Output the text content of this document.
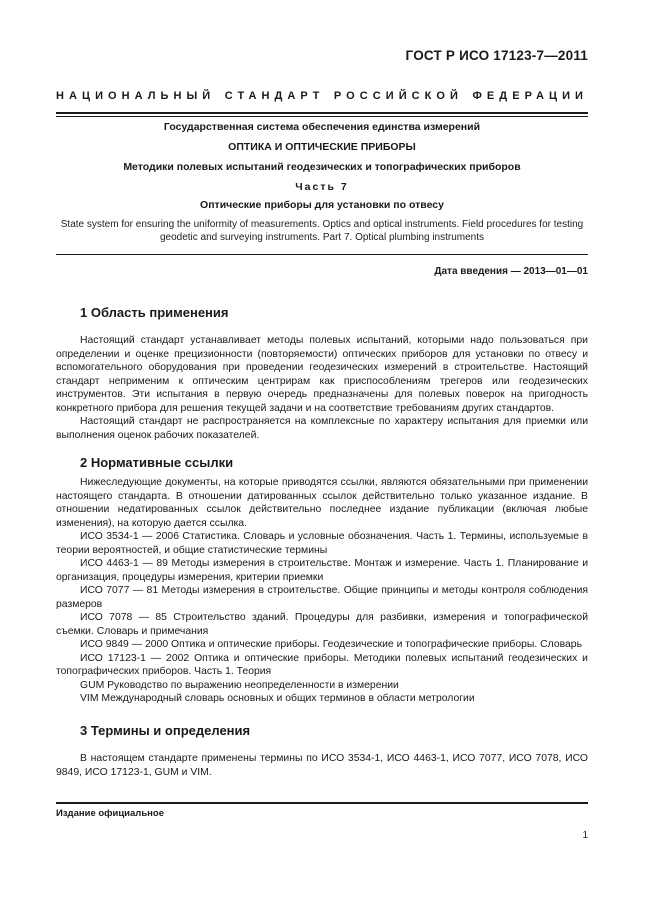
ГОСТ Р ИСО 17123-7—2011
НАЦИОНАЛЬНЫЙ СТАНДАРТ РОССИЙСКОЙ ФЕДЕРАЦИИ
Государственная система обеспечения единства измерений
ОПТИКА И ОПТИЧЕСКИЕ ПРИБОРЫ
Методики полевых испытаний геодезических и топографических приборов
Часть 7
Оптические приборы для установки по отвесу
State system for ensuring the uniformity of measurements. Optics and optical instruments. Field procedures for testing geodetic and surveying instruments. Part 7. Optical plumbing instruments
Дата введения — 2013—01—01
1 Область применения

Настоящий стандарт устанавливает методы полевых испытаний, которыми надо пользоваться при определении и оценке прецизионности (повторяемости) оптических приборов для установки по отвесу и вспомогательного оборудования при проведении геодезических измерений в строительстве. Настоящий стандарт неприменим к оптическим центрирам как приспособлениям трегеров или геодезических инструментов. Эти испытания в первую очередь предназначены для полевых поверок на пригодность конкретного прибора для решения текущей задачи и на соответствие требованиям других стандартов.

Настоящий стандарт не распространяется на комплексные по характеру испытания для приемки или выполнения оценок рабочих показателей.

2 Нормативные ссылки

Нижеследующие документы, на которые приводятся ссылки, являются обязательными при применении настоящего стандарта. В отношении датированных ссылок действительно только указанное издание. В отношении недатированных ссылок действительно последнее издание публикации (включая любые изменения), на которую дается ссылка.

ИСО 3534-1 — 2006 Статистика. Словарь и условные обозначения. Часть 1. Термины, используемые в теории вероятностей, и общие статистические термины

ИСО 4463-1 — 89 Методы измерения в строительстве. Монтаж и измерение. Часть 1. Планирование и организация, процедуры измерения, критерии приемки

ИСО 7077 — 81 Методы измерения в строительстве. Общие принципы и методы контроля соблюдения размеров

ИСО 7078 — 85 Строительство зданий. Процедуры для разбивки, измерения и топографической съемки. Словарь и примечания

ИСО 9849 — 2000 Оптика и оптические приборы. Геодезические и топографические приборы. Словарь

ИСО 17123-1 — 2002 Оптика и оптические приборы. Методики полевых испытаний геодезических и топографических приборов. Часть 1. Теория

GUM Руководство по выражению неопределенности в измерении

VIM Международный словарь основных и общих терминов в области метрологии

3 Термины и определения

В настоящем стандарте применены термины по ИСО 3534-1, ИСО 4463-1, ИСО 7077, ИСО 7078, ИСО 9849, ИСО 17123-1, GUM и VIM.

Издание официальное
1
